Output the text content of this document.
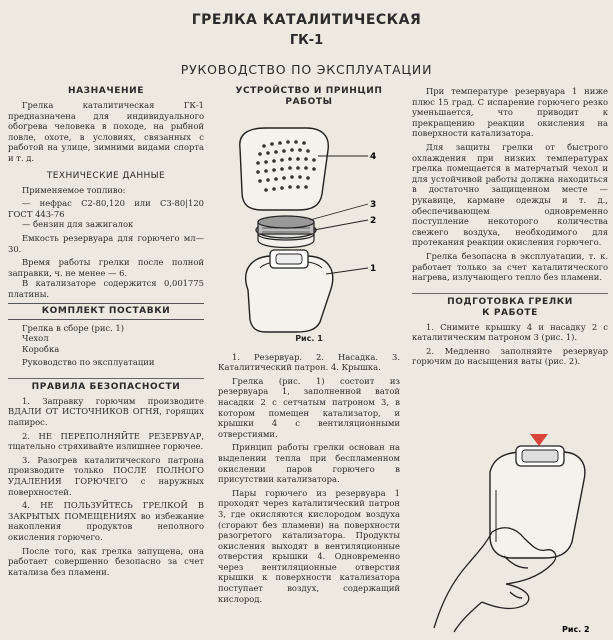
ГРЕЛКА КАТАЛИТИЧЕСКАЯ
ГК-1
РУКОВОДСТВО ПО ЭКСПЛУАТАЦИИ
НАЗНАЧЕНИЕ
Грелка каталитическая ГК-1 предназначена для индивидуального обогрева человека в походе, на рыбной ловле, охоте, в условиях, связанных с работой на улице, зимними видами спорта и т. д.
ТЕХНИЧЕСКИЕ ДАННЫЕ
Применяемое топливо:
— нефрас С2-80,120 или С3-80|120 ГОСТ 443-76
— бензин для зажигалок
Емкость резервуара для горючего мл—30.
Время работы грелки после полной заправки, ч. не менее — 6.
В катализаторе содержится 0,001775 платины.
КОМПЛЕКТ ПОСТАВКИ
Грелка в сборе (рис. 1)
Чехол
Коробка
Руководство по эксплуатации
ПРАВИЛА БЕЗОПАСНОСТИ
1. Заправку горючим производите ВДАЛИ ОТ ИСТОЧНИКОВ ОГНЯ, горящих папирос.
2. НЕ ПЕРЕПОЛНЯЙТЕ РЕЗЕРВУАР, тщательно стряхивайте излишнее горючее.
3. Разогрев каталитического патрона производите только ПОСЛЕ ПОЛНОГО УДАЛЕНИЯ ГОРЮЧЕГО с наружных поверхностей.
4. НЕ ПОЛЬЗУЙТЕСЬ ГРЕЛКОЙ В ЗАКРЫТЫХ ПОМЕЩЕНИЯХ во избежание накопления продуктов неполного окисления горючего.
После того, как грелка запущена, она работает совершенно безопасно за счет катализа без пламени.
УСТРОЙСТВО И ПРИНЦИП
РАБОТЫ
4
3
2
1
Рис. 1
1. Резервуар. 2. Насадка. 3. Каталитический патрон. 4. Крышка.
Грелка (рис. 1) состоит из резервуара 1, заполненной ватой насадки 2 с сетчатым патроном 3, в котором помещен катализатор, и крышки 4 с вентиляционными отверстиями.
Принцип работы грелки основан на выделении тепла при беспламенном окислении паров горючего в присутствии катализатора.
Пары горючего из резервуара 1 проходят через каталитический патрон 3, где окисляются кислородом воздуха (сгорают без пламени) на поверхности разогретого катализатора. Продукты окисления выходят в вентиляционные отверстия крышки 4. Одновременно через вентиляционные отверстия крышки к поверхности катализатора поступает воздух, содержащий кислород.
При температуре резервуара 1 ниже плюс 15 град. С испарение горючего резко уменьшается, что приводит к прекращению реакции окисления на поверхности катализатора.
Для защиты грелки от быстрого охлаждения при низких температурах грелка помещается в матерчатый чехол и для устойчивой работы должна находиться в достаточно защищенном месте — рукавице, кармане одежды и т. д., обеспечивающем одновременно поступление некоторого количества свежего воздуха, необходимого для протекания реакции окисления горючего.
Грелка безопасна в эксплуатации, т. к. работает только за счет каталитического нагрева, излучающего тепло без пламени.
ПОДГОТОВКА ГРЕЛКИ
К РАБОТЕ
1. Снимите крышку 4 и насадку 2 с каталитическим патроном 3 (рис. 1).
2. Медленно заполняйте резервуар горючим до насыщения ваты (рис. 2).
Рис. 2
